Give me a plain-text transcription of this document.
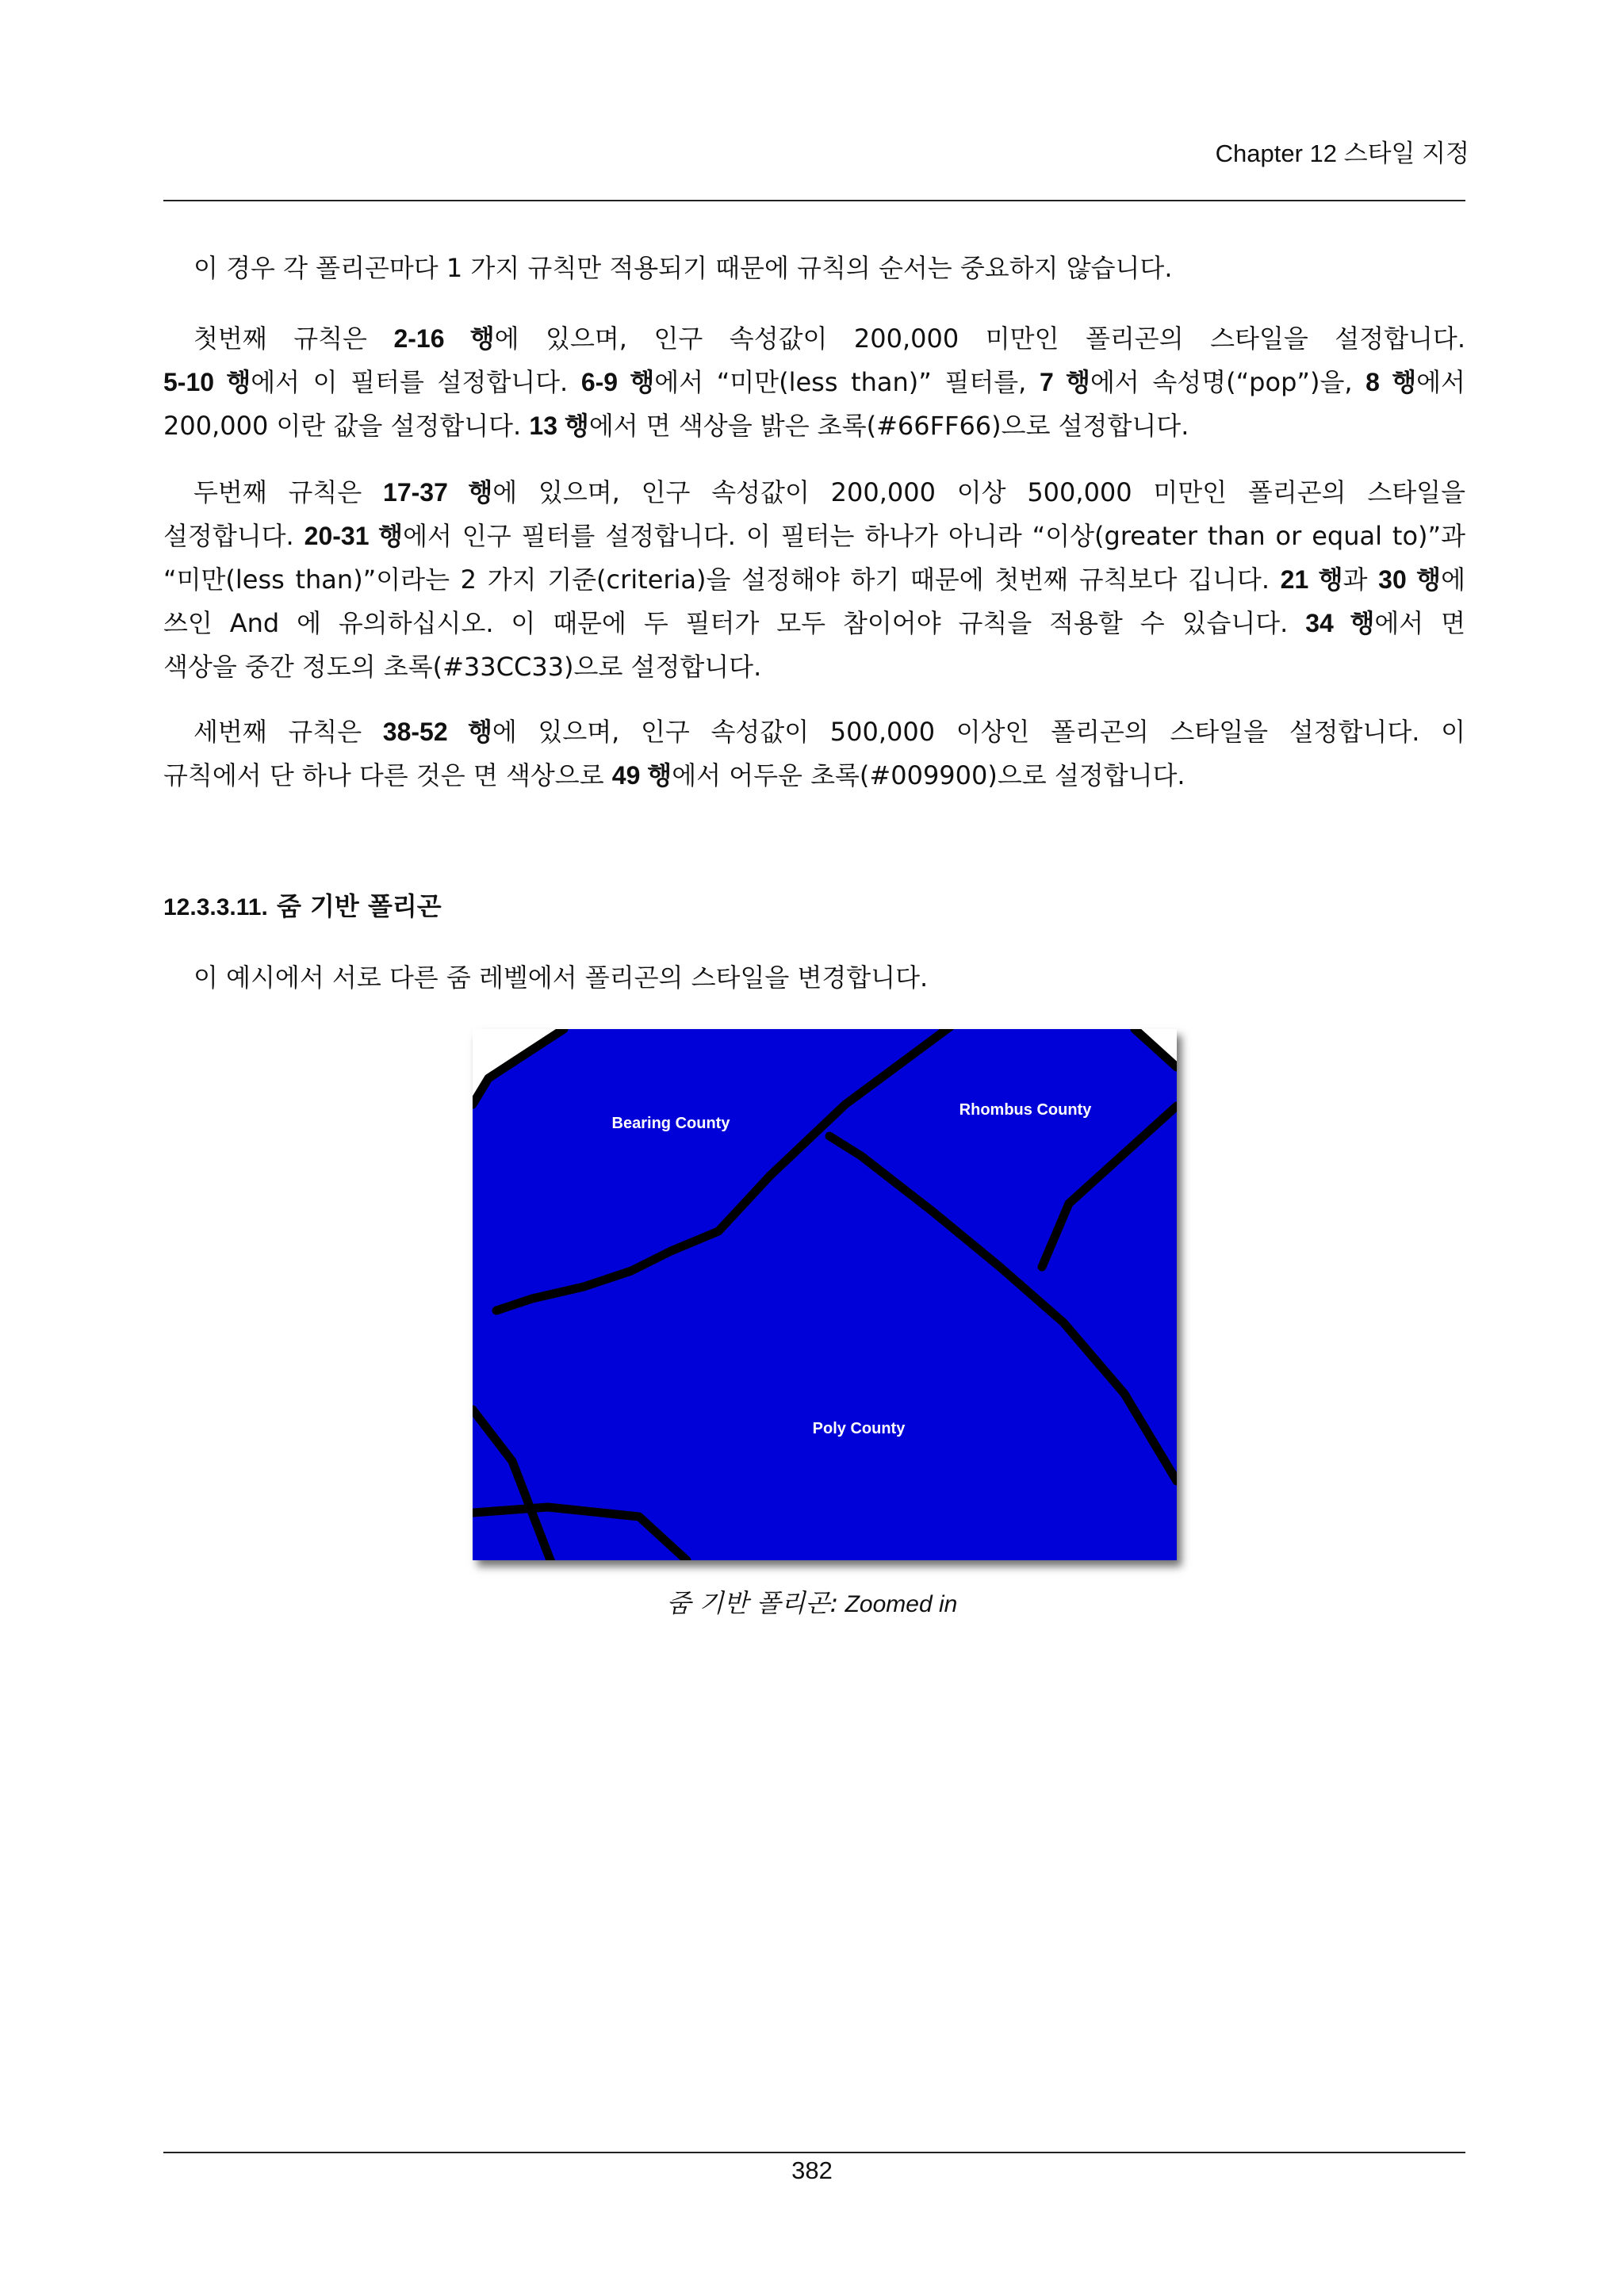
Chapter 12 스타일 지정
이 경우 각 폴리곤마다 1 가지 규칙만 적용되기 때문에 규칙의 순서는 중요하지 않습니다.
첫번째 규칙은 2-16 행에 있으며, 인구 속성값이 200,000 미만인 폴리곤의 스타일을 설정합니다.
5-10 행에서 이 필터를 설정합니다. 6-9 행에서 “미만(less than)” 필터를, 7 행에서 속성명(“pop”)을, 8 행에서
200,000 이란 값을 설정합니다. 13 행에서 면 색상을 밝은 초록(#66FF66)으로 설정합니다.
두번째 규칙은 17-37 행에 있으며, 인구 속성값이 200,000 이상 500,000 미만인 폴리곤의 스타일을
설정합니다. 20-31 행에서 인구 필터를 설정합니다. 이 필터는 하나가 아니라 “이상(greater than or equal to)”과
“미만(less than)”이라는 2 가지 기준(criteria)을 설정해야 하기 때문에 첫번째 규칙보다 깁니다. 21 행과 30 행에
쓰인 And 에 유의하십시오. 이 때문에 두 필터가 모두 참이어야 규칙을 적용할 수 있습니다. 34 행에서 면
색상을 중간 정도의 초록(#33CC33)으로 설정합니다.
세번째 규칙은 38-52 행에 있으며, 인구 속성값이 500,000 이상인 폴리곤의 스타일을 설정합니다. 이
규칙에서 단 하나 다른 것은 면 색상으로 49 행에서 어두운 초록(#009900)으로 설정합니다.
12.3.3.11. 줌 기반 폴리곤
이 예시에서 서로 다른 줌 레벨에서 폴리곤의 스타일을 변경합니다.
Bearing County
Rhombus County
Poly County
줌 기반 폴리곤: Zoomed in
382
